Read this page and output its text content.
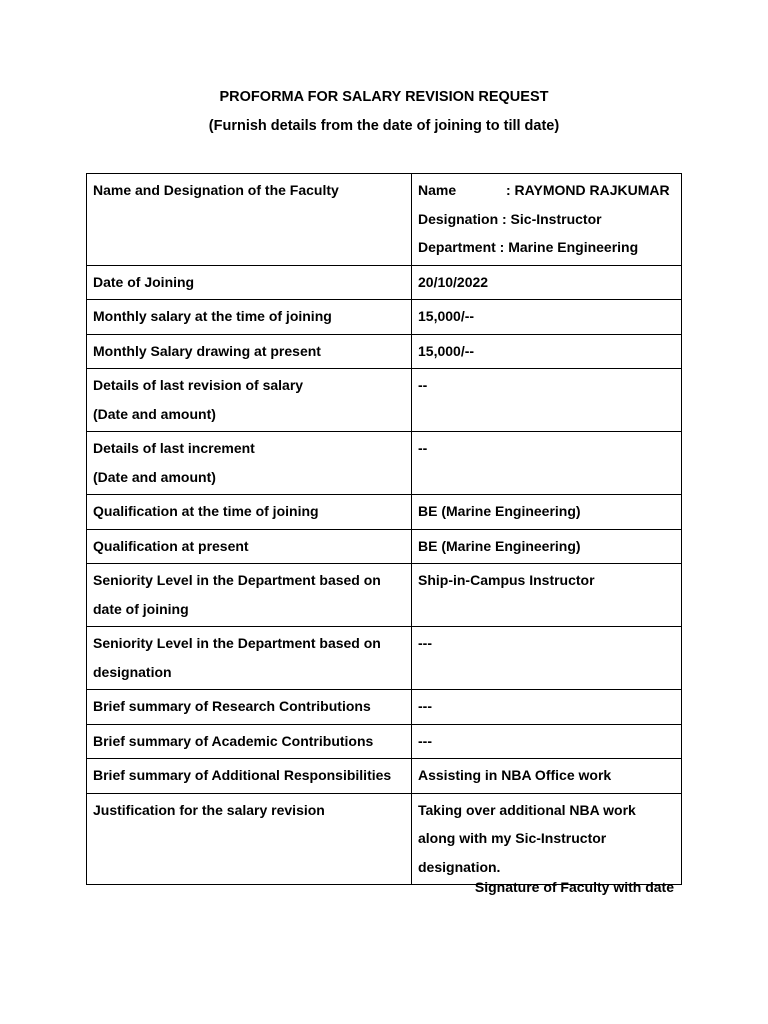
PROFORMA FOR SALARY REVISION REQUEST
(Furnish details from the date of joining to till date)
Name and Designation of the Faculty	Name : RAYMOND RAJKUMAR
Designation : Sic-Instructor
Department : Marine Engineering

Date of Joining	20/10/2022
Monthly salary at the time of joining	15,000/--
Monthly Salary drawing at present	15,000/--

Details of last revision of salary
(Date and amount)	--

Details of last increment
(Date and amount)	--
Qualification at the time of joining	BE (Marine Engineering)
Qualification at present	BE (Marine Engineering)

Seniority Level in the Department based on
date of joining	Ship-in-Campus Instructor

Seniority Level in the Department based on
designation	---
Brief summary of Research Contributions	---
Brief summary of Academic Contributions	---
Brief summary of Additional Responsibilities	Assisting in NBA Office work
Justification for the salary revision	Taking over additional NBA work
along with my Sic-Instructor
designation.
Signature of Faculty with date
